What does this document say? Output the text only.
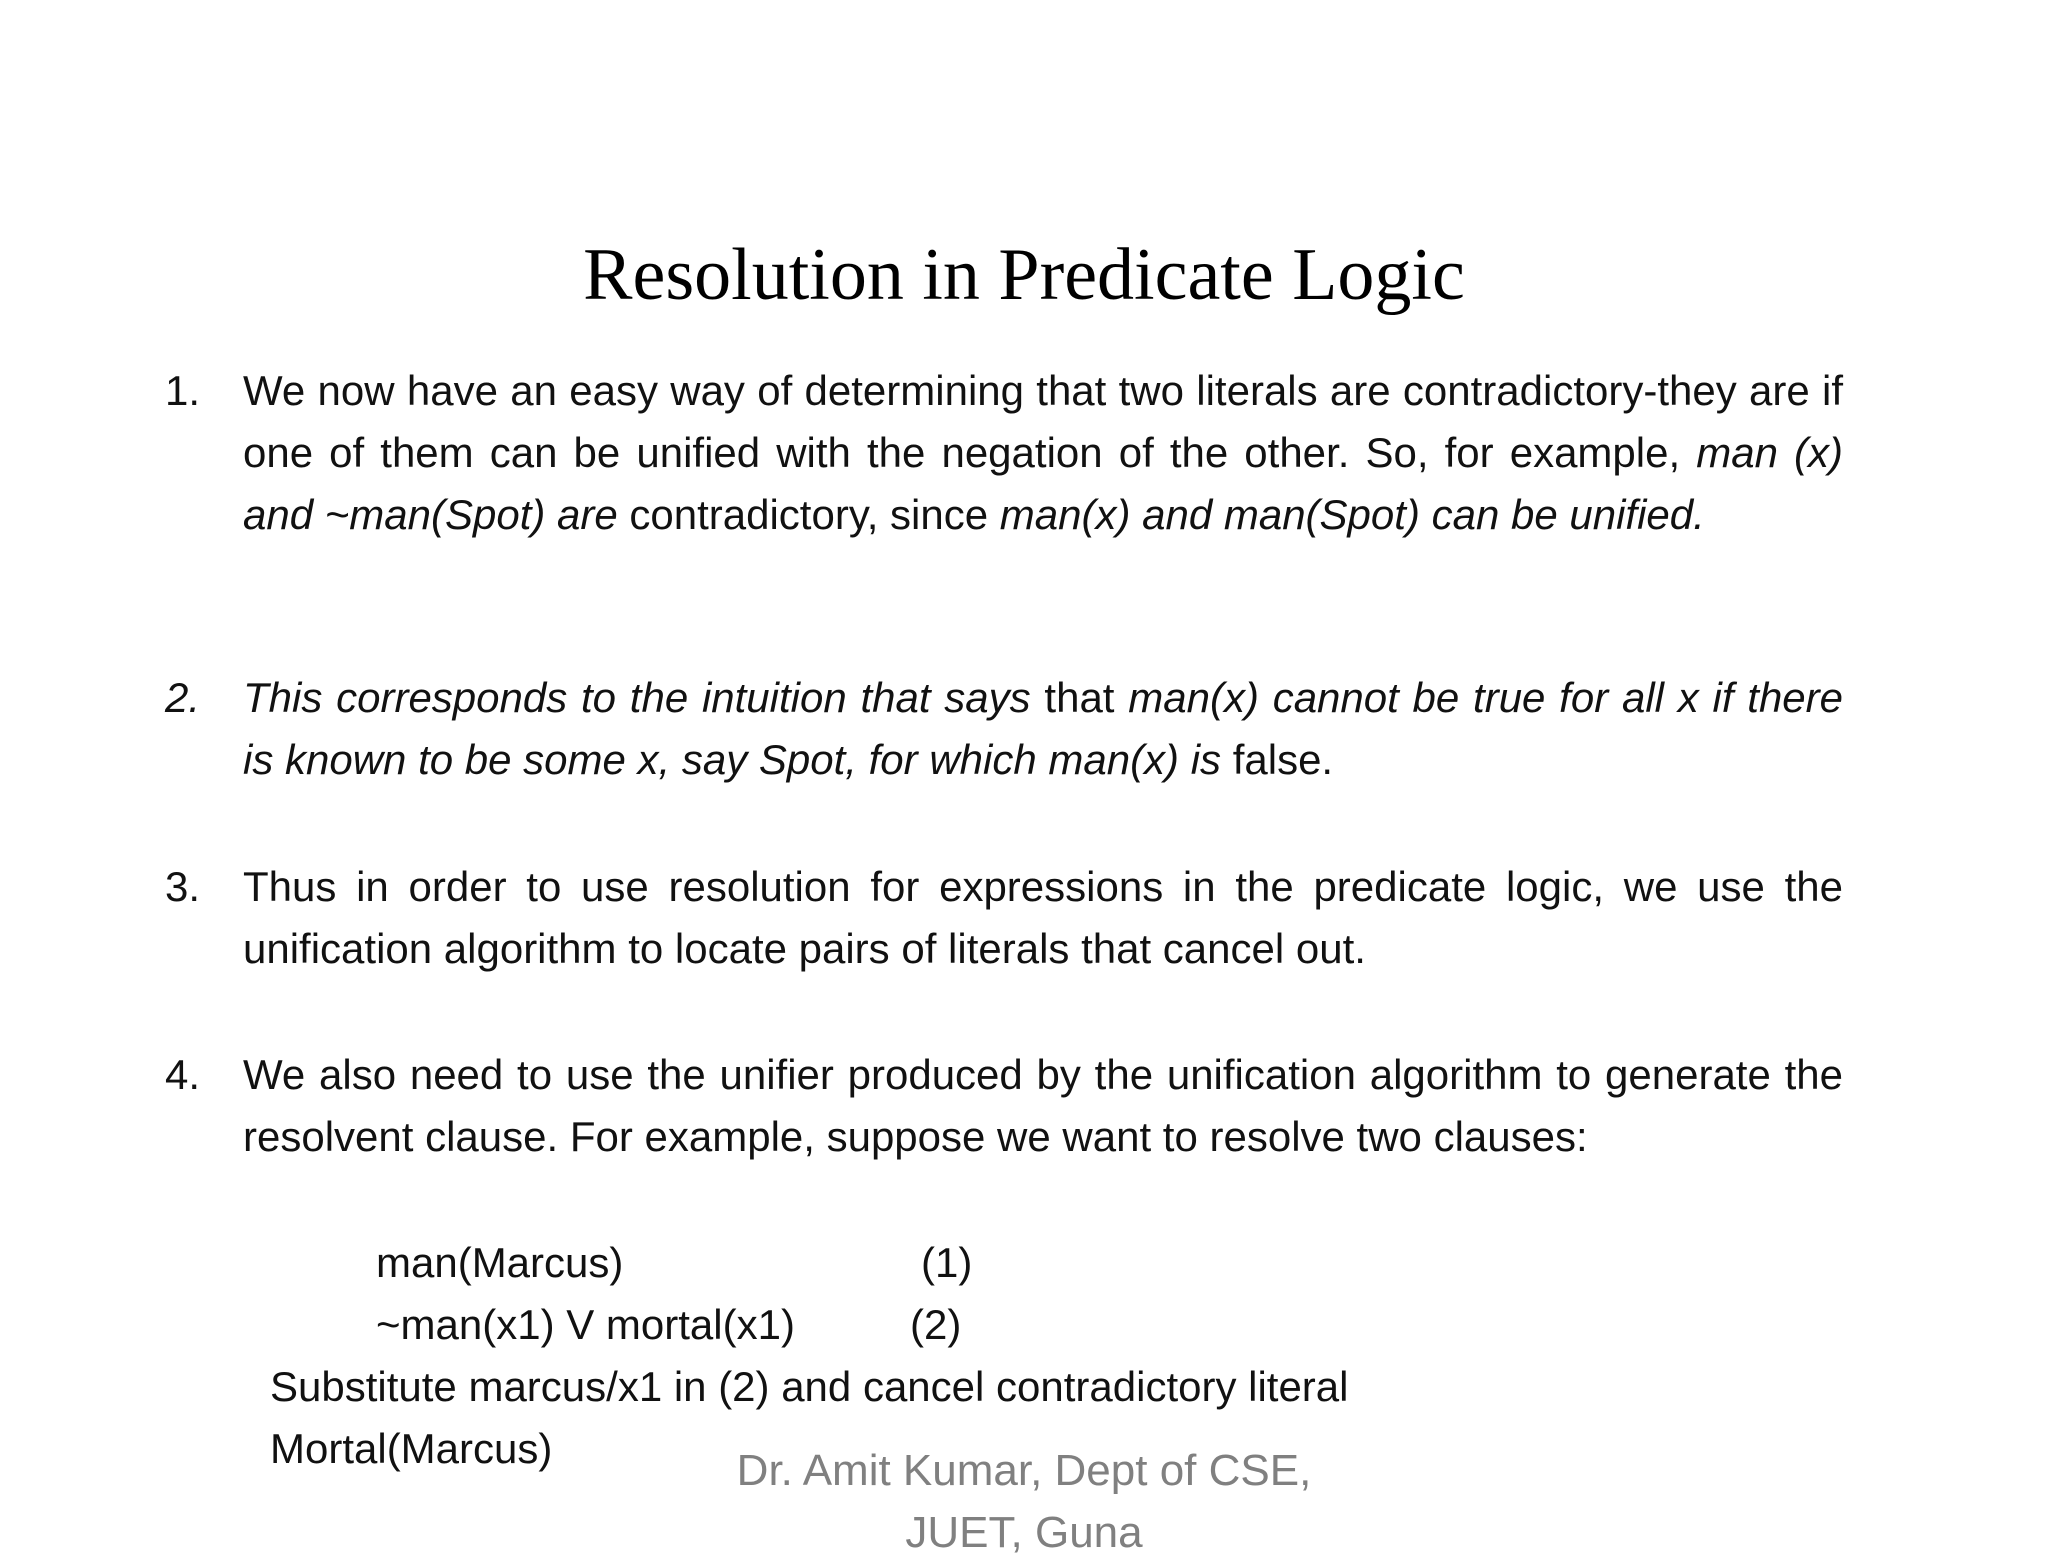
Resolution in Predicate Logic
1.	We now have an easy way of determining that two literals are contradictory-they are if one of them can be unified with the negation of the other. So, for example, man (x) and ~man(Spot) are contradictory, since man(x) and man(Spot) can be unified.
2.	This corresponds to the intuition that says that man(x) cannot be true for all x if there is known to be some x, say Spot, for which man(x) is false.
3.	Thus in order to use resolution for expressions in the predicate logic, we use the unification algorithm to locate pairs of literals that cancel out.
4.	We also need to use the unifier produced by the unification algorithm to generate the resolvent clause. For example, suppose we want to resolve two clauses:
man(Marcus)	(1)
~man(x1) V mortal(x1)	(2)
Substitute marcus/x1 in (2) and cancel contradictory literal
Mortal(Marcus)	Dr. Amit Kumar, Dept of CSE,
JUET, Guna
